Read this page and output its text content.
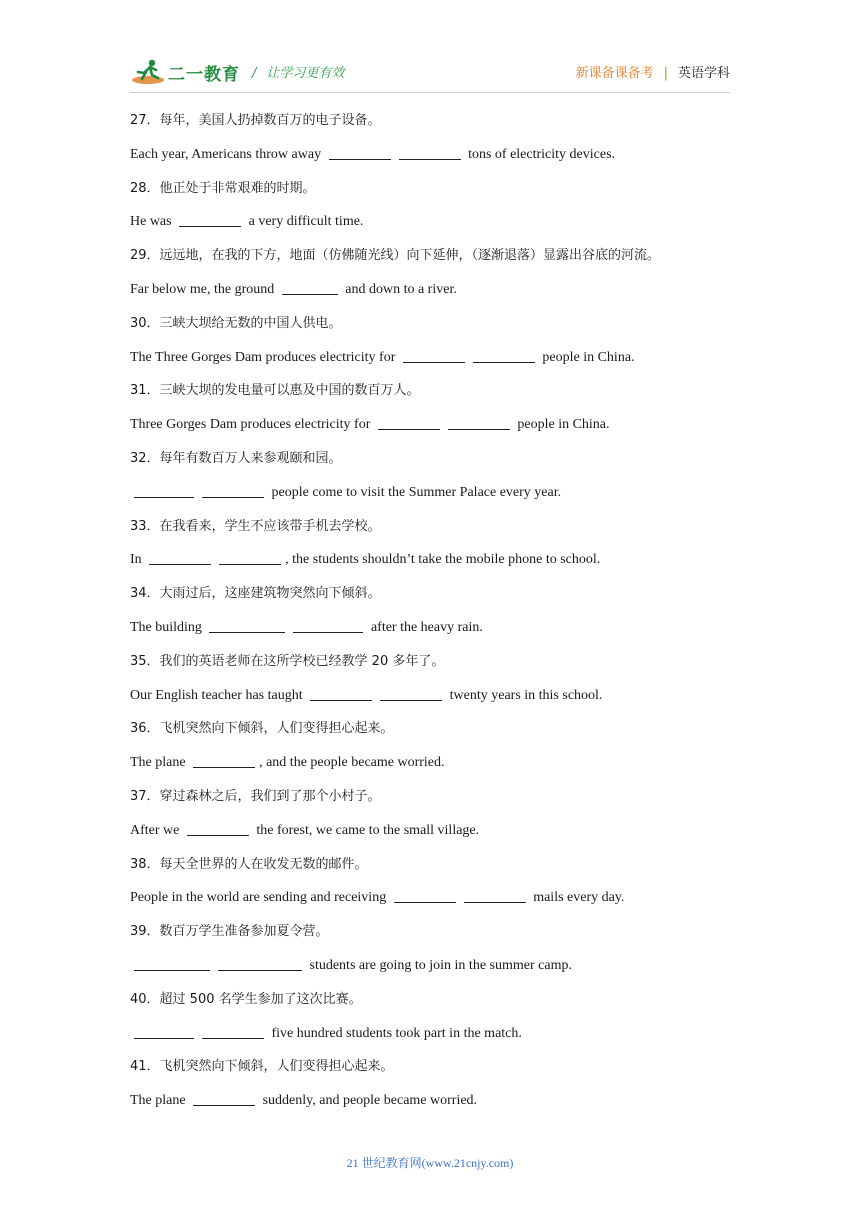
二一教育 / 让学习更有效	新课备课备考 | 英语学科
27．每年，美国人扔掉数百万的电子设备。
Each year, Americans throw away	tons of electricity devices.
28．他正处于非常艰难的时期。
He was	a very difficult time.
29．远远地，在我的下方，地面（仿佛随光线）向下延伸，（逐渐退落）显露出谷底的河流。
Far below me, the ground	and down to a river.
30．三峡大坝给无数的中国人供电。
The Three Gorges Dam produces electricity for	people in China.
31．三峡大坝的发电量可以惠及中国的数百万人。
Three Gorges Dam produces electricity for	people in China.
32．每年有数百万人来参观颐和园。
people come to visit the Summer Palace every year.
33．在我看来，学生不应该带手机去学校。
In	, the students shouldn’t take the mobile phone to school.
34．大雨过后，这座建筑物突然向下倾斜。
The building	after the heavy rain.
35．我们的英语老师在这所学校已经教学 20 多年了。
Our English teacher has taught	twenty years in this school.
36．飞机突然向下倾斜，人们变得担心起来。
The plane	, and the people became worried.
37．穿过森林之后，我们到了那个小村子。
After we	the forest, we came to the small village.
38．每天全世界的人在收发无数的邮件。
People in the world are sending and receiving	mails every day.
39．数百万学生准备参加夏令营。
students are going to join in the summer camp.
40．超过 500 名学生参加了这次比赛。
five hundred students took part in the match.
41．飞机突然向下倾斜，人们变得担心起来。
The plane	suddenly, and people became worried.
21 世纪教育网(www.21cnjy.com)
